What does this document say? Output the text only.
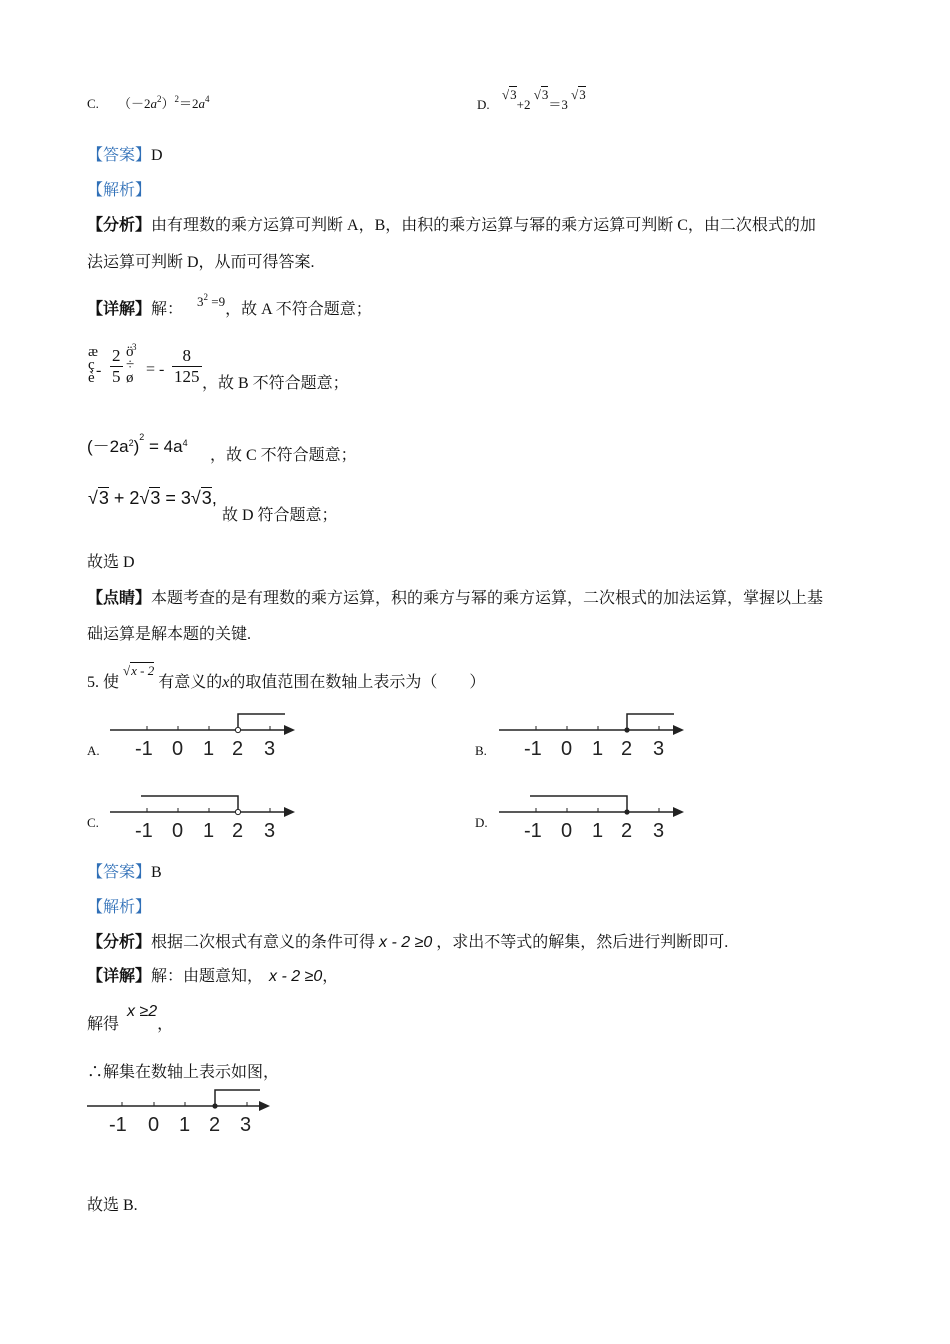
C. $(-2a^2)^2=2a^4$	D.
√3+2 √3＝3 √3
【答案】D
【解析】
【分析】由有理数的乘方运算可判断 A，B，由积的乘方运算与幂的乘方运算可判断 C，由二次根式的加
法运算可判断 D，从而可得答案.
【详解】解： $^{3^2 =9}$，故 A 不符合题意；
æ
ç
è - $\frac{2}{5}$ ö
÷
ø
3
= - $\frac{8}{125}$ ，故 B 不符合题意；
$(-2a^2)^2 = 4a^4$
，故 C 不符合题意；
√3 + 2√3 = 3√3,
故 D 符合题意；
故选 D
【点睛】本题考查的是有理数的乘方运算，积的乘方与幂的乘方运算，二次根式的加法运算，掌握以上基
础运算是解本题的关键.
5. 使 $^{√x - 2}$ 有意义的x的取值范围在数轴上表示为（　　）
A.	B.
C.	D.
-1 0 1 2 3	-1 0 1 2 3
-1 0 1 2 3	-1 0 1 2 3
【答案】B
【解析】
【分析】根据二次根式有意义的条件可得 x - 2 ≥0 ，求出不等式的解集，然后进行判断即可.
【详解】解：由题意知， x - 2 ≥0，
解得 x ≥2，
∴解集在数轴上表示如图，
-1 0 1 2 3
故选 B.
